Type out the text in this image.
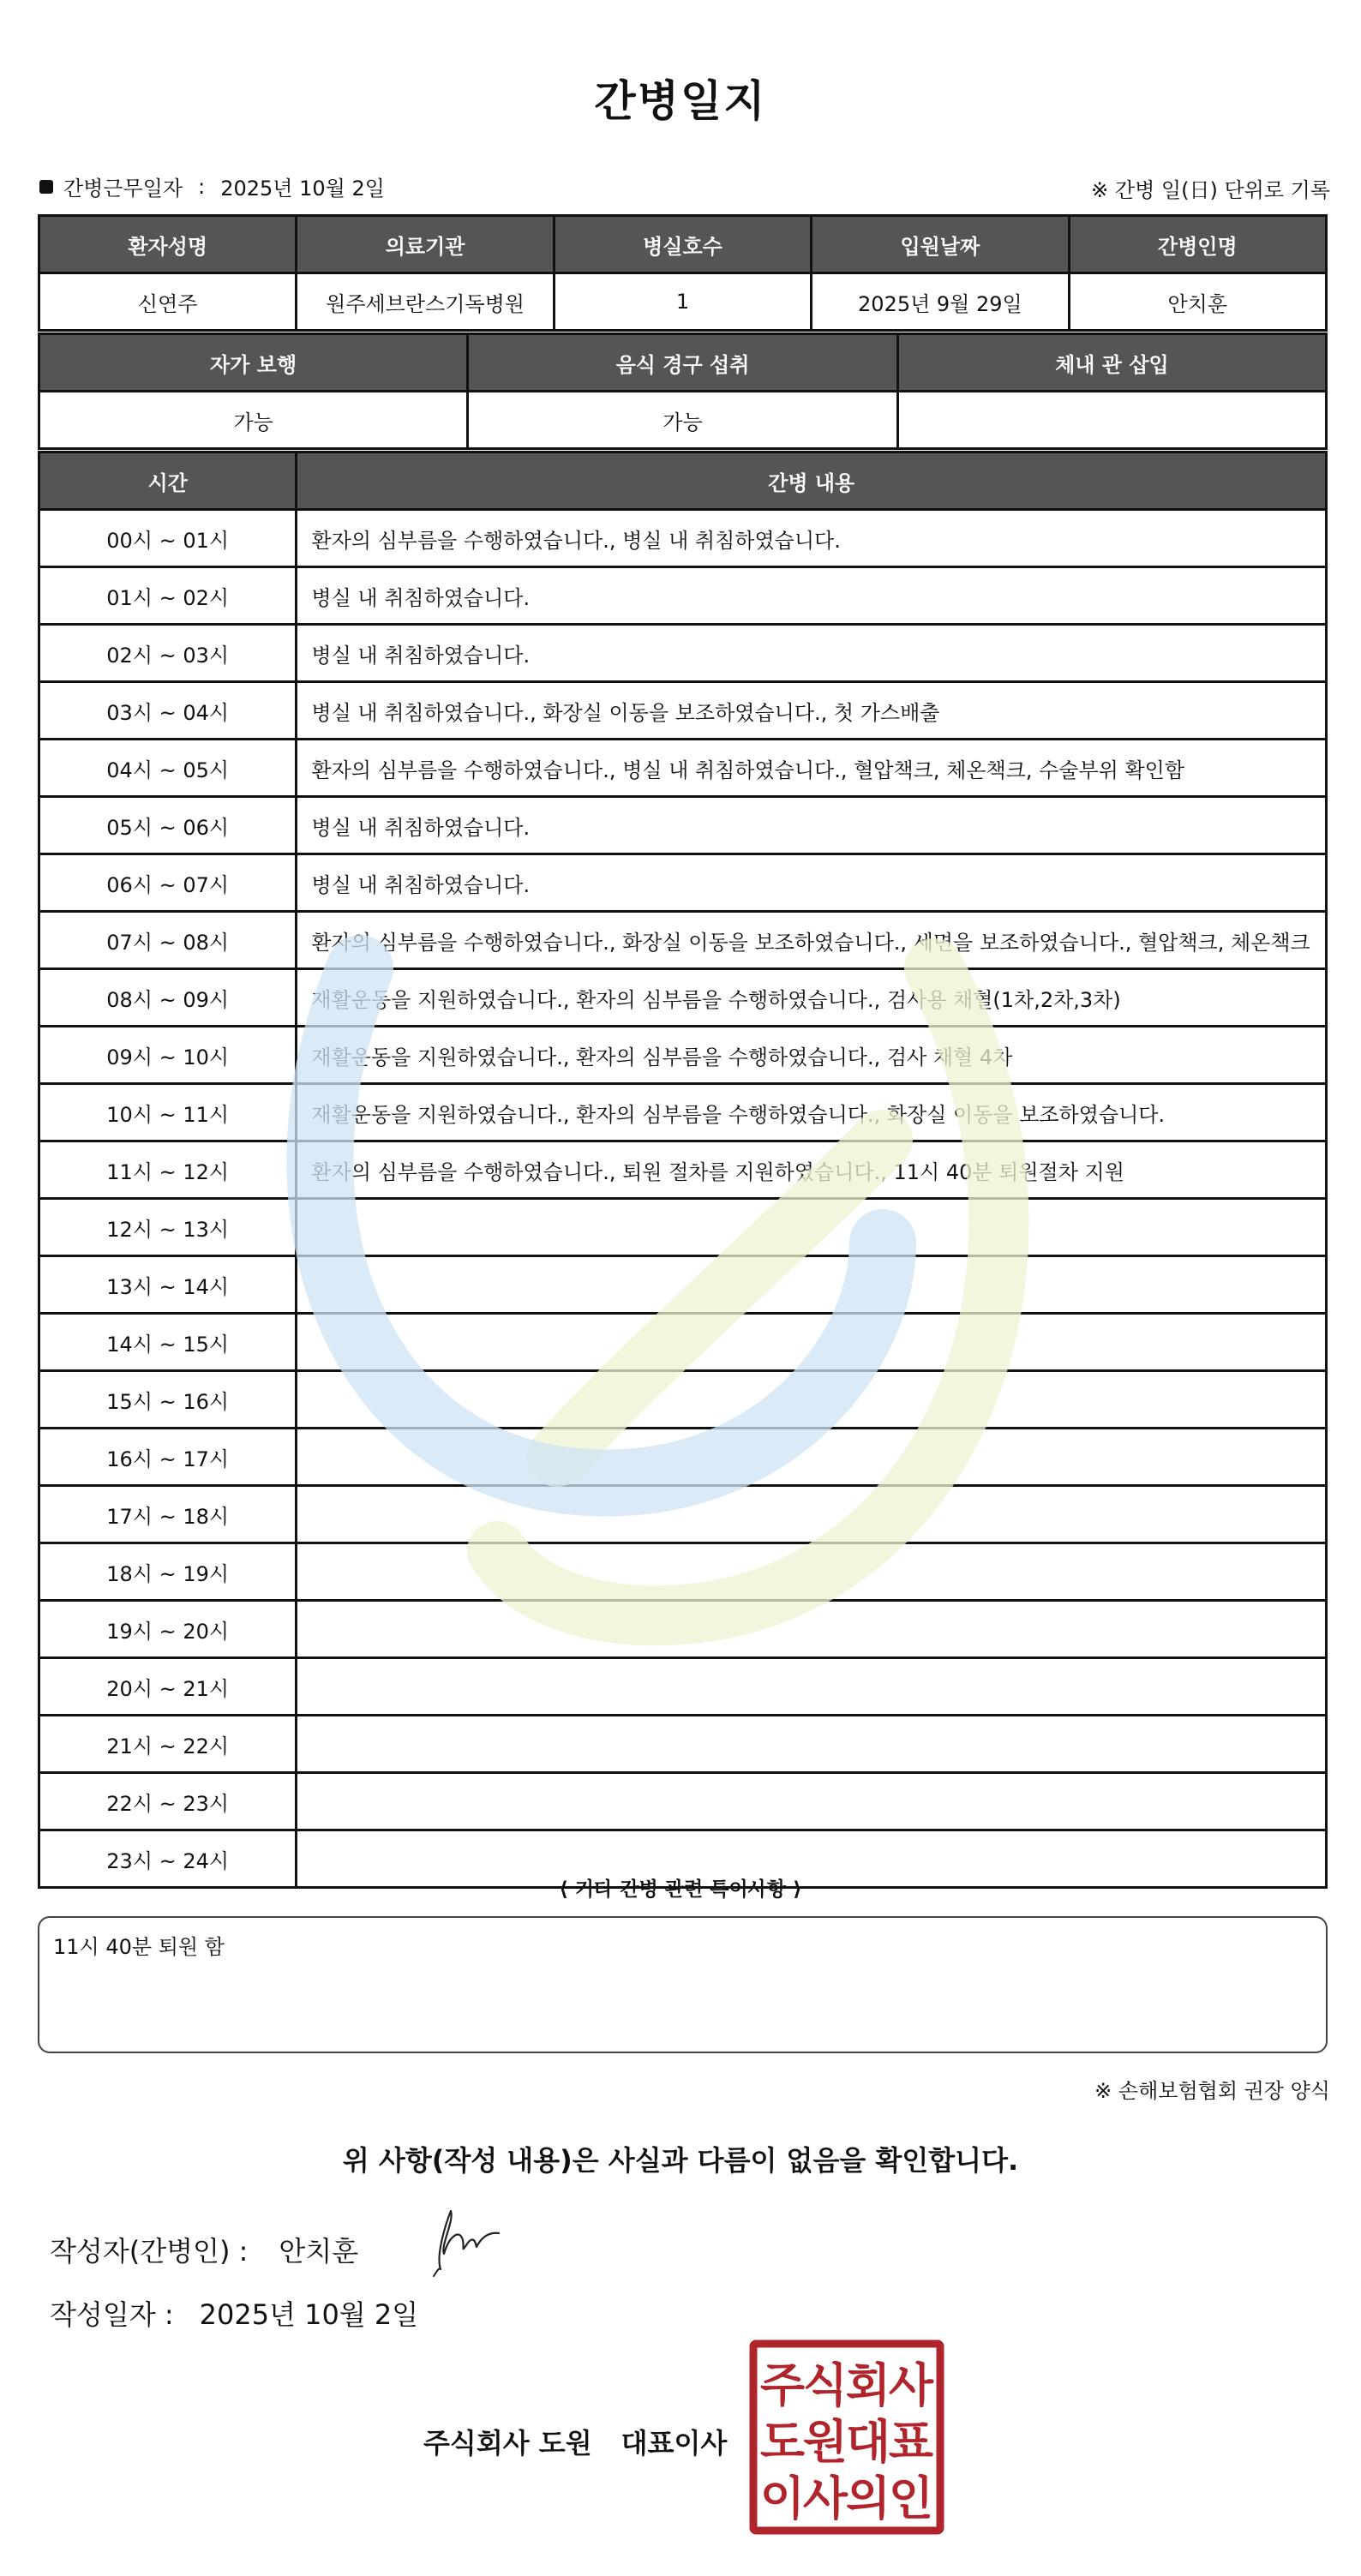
간병일지
간병근무일자 : 2025년 10월 2일	※ 간병 일(日) 단위로 기록
환자성명	의료기관	병실호수	입원날짜	간병인명
신연주	원주세브란스기독병원	1	2025년 9월 29일	안치훈
자가 보행	음식 경구 섭취	체내 관 삽입
가능	가능	
시간	간병 내용
00시 ~ 01시	환자의 심부름을 수행하였습니다., 병실 내 취침하였습니다.
01시 ~ 02시	병실 내 취침하였습니다.
02시 ~ 03시	병실 내 취침하였습니다.
03시 ~ 04시	병실 내 취침하였습니다., 화장실 이동을 보조하였습니다., 첫 가스배출
04시 ~ 05시	환자의 심부름을 수행하였습니다., 병실 내 취침하였습니다., 혈압책크, 체온책크, 수술부위 확인함
05시 ~ 06시	병실 내 취침하였습니다.
06시 ~ 07시	병실 내 취침하였습니다.
07시 ~ 08시	환자의 심부름을 수행하였습니다., 화장실 이동을 보조하였습니다., 세면을 보조하였습니다., 혈압책크, 체온책크
08시 ~ 09시	재활운동을 지원하였습니다., 환자의 심부름을 수행하였습니다., 검사용 채혈(1차,2차,3차)
09시 ~ 10시	재활운동을 지원하였습니다., 환자의 심부름을 수행하였습니다., 검사 채혈 4차
10시 ~ 11시	재활운동을 지원하였습니다., 환자의 심부름을 수행하였습니다., 화장실 이동을 보조하였습니다.
11시 ~ 12시	환자의 심부름을 수행하였습니다., 퇴원 절차를 지원하였습니다., 11시 40분 퇴원절차 지원
12시 ~ 13시	
13시 ~ 14시	
14시 ~ 15시	
15시 ~ 16시	
16시 ~ 17시	
17시 ~ 18시	
18시 ~ 19시	
19시 ~ 20시	
20시 ~ 21시	
21시 ~ 22시	
22시 ~ 23시	
23시 ~ 24시	
⟨ 기타 간병 관련 특이사항 ⟩
11시 40분 퇴원 함
※ 손해보험협회 권장 양식
위 사항(작성 내용)은 사실과 다름이 없음을 확인합니다.
작성자(간병인) : 안치훈
작성일자 : 2025년 10월 2일
주식회사 도원 대표이사
주
식
회
사
도
원
대
표
이
사
의
인
